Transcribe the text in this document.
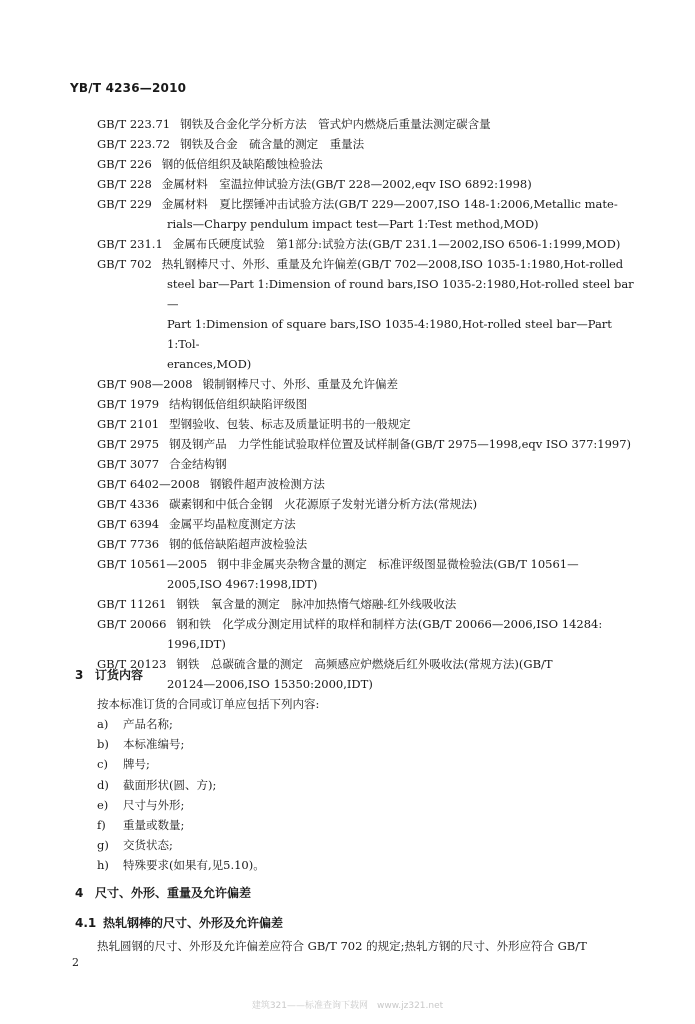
YB/T 4236—2010
GB/T 223.71 钢铁及合金化学分析方法　管式炉内燃烧后重量法测定碳含量
GB/T 223.72 钢铁及合金　硫含量的测定　重量法
GB/T 226 钢的低倍组织及缺陷酸蚀检验法
GB/T 228 金属材料　室温拉伸试验方法(GB/T 228—2002,eqv ISO 6892:1998)
GB/T 229 金属材料　夏比摆锤冲击试验方法(GB/T 229—2007,ISO 148-1:2006,Metallic mate-
rials—Charpy pendulum impact test—Part 1:Test method,MOD)
GB/T 231.1 金属布氏硬度试验　第1部分:试验方法(GB/T 231.1—2002,ISO 6506-1:1999,MOD)
GB/T 702 热轧钢棒尺寸、外形、重量及允许偏差(GB/T 702—2008,ISO 1035-1:1980,Hot-rolled
steel bar—Part 1:Dimension of round bars,ISO 1035-2:1980,Hot-rolled steel bar—
Part 1:Dimension of square bars,ISO 1035-4:1980,Hot-rolled steel bar—Part 1:Tol-
erances,MOD)
GB/T 908—2008 锻制钢棒尺寸、外形、重量及允许偏差
GB/T 1979 结构钢低倍组织缺陷评级图
GB/T 2101 型钢验收、包装、标志及质量证明书的一般规定
GB/T 2975 钢及钢产品　力学性能试验取样位置及试样制备(GB/T 2975—1998,eqv ISO 377:1997)
GB/T 3077 合金结构钢
GB/T 6402—2008 钢锻件超声波检测方法
GB/T 4336 碳素钢和中低合金钢　火花源原子发射光谱分析方法(常规法)
GB/T 6394 金属平均晶粒度测定方法
GB/T 7736 钢的低倍缺陷超声波检验法
GB/T 10561—2005 钢中非金属夹杂物含量的测定　标准评级图显微检验法(GB/T 10561—
2005,ISO 4967:1998,IDT)
GB/T 11261 钢铁　氧含量的测定　脉冲加热惰气熔融-红外线吸收法
GB/T 20066 钢和铁　化学成分测定用试样的取样和制样方法(GB/T 20066—2006,ISO 14284:
1996,IDT)
GB/T 20123 钢铁　总碳硫含量的测定　高频感应炉燃烧后红外吸收法(常规方法)(GB/T
20124—2006,ISO 15350:2000,IDT)
3 订货内容
按本标准订货的合同或订单应包括下列内容:
a)	产品名称;
b)	本标准编号;
c)	牌号;
d)	截面形状(圆、方);
e)	尺寸与外形;
f)	重量或数量;
g)	交货状态;
h)	特殊要求(如果有,见5.10)。
4 尺寸、外形、重量及允许偏差
4.1 热轧钢棒的尺寸、外形及允许偏差
热轧圆钢的尺寸、外形及允许偏差应符合 GB/T 702 的规定;热轧方钢的尺寸、外形应符合 GB/T
2
建筑321——标准查询下载网　www.jz321.net
